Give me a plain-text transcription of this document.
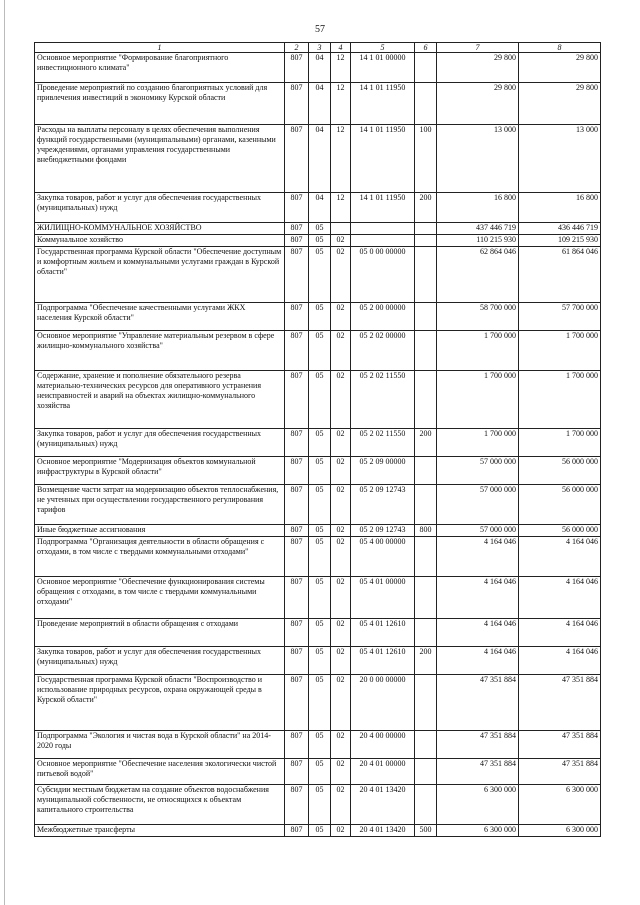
57
1	2	3	4	5	6	7	8
Основное мероприятие "Формирование благоприятного инвестиционного климата"	807	04	12	14 1 01 00000		29 800	29 800
Проведение мероприятий по созданию благоприятных условий для привлечения инвестиций в экономику Курской области	807	04	12	14 1 01 11950		29 800	29 800
Расходы на выплаты персоналу в целях обеспечения выполнения функций государственными (муниципальными) органами, казенными учреждениями, органами управления государственными внебюджетными фондами	807	04	12	14 1 01 11950	100	13 000	13 000
Закупка товаров, работ и услуг для обеспечения государственных (муниципальных) нужд	807	04	12	14 1 01 11950	200	16 800	16 800
ЖИЛИЩНО-КОММУНАЛЬНОЕ ХОЗЯЙСТВО	807	05				437 446 719	436 446 719
Коммунальное хозяйство	807	05	02			110 215 930	109 215 930
Государственная программа Курской области "Обеспечение доступным и комфортным жильем и коммунальными услугами граждан в Курской области"	807	05	02	05 0 00 00000		62 864 046	61 864 046
Подпрограмма "Обеспечение качественными услугами ЖКХ населения Курской области"	807	05	02	05 2 00 00000		58 700 000	57 700 000
Основное мероприятие "Управление материальным резервом в сфере жилищно-коммунального хозяйства"	807	05	02	05 2 02 00000		1 700 000	1 700 000
Содержание, хранение и пополнение обязательного резерва материально-технических ресурсов для оперативного устранения неисправностей и аварий на объектах жилищно-коммунального хозяйства	807	05	02	05 2 02 11550		1 700 000	1 700 000
Закупка товаров, работ и услуг для обеспечения государственных (муниципальных) нужд	807	05	02	05 2 02 11550	200	1 700 000	1 700 000
Основное мероприятие "Модернизация объектов коммунальной инфраструктуры в Курской области"	807	05	02	05 2 09 00000		57 000 000	56 000 000
Возмещение части затрат на модернизацию объектов теплоснабжения, не учтенных при осуществлении государственного регулирования тарифов	807	05	02	05 2 09 12743		57 000 000	56 000 000
Иные бюджетные ассигнования	807	05	02	05 2 09 12743	800	57 000 000	56 000 000
Подпрограмма "Организация деятельности в области обращения с отходами, в том числе с твердыми коммунальными отходами"	807	05	02	05 4 00 00000		4 164 046	4 164 046
Основное мероприятие "Обеспечение функционирования системы обращения с отходами, в том числе с твердыми коммунальными отходами"	807	05	02	05 4 01 00000		4 164 046	4 164 046
Проведение мероприятий в области обращения с отходами	807	05	02	05 4 01 12610		4 164 046	4 164 046
Закупка товаров, работ и услуг для обеспечения государственных (муниципальных) нужд	807	05	02	05 4 01 12610	200	4 164 046	4 164 046
Государственная программа Курской области "Воспроизводство и использование природных ресурсов, охрана окружающей среды в Курской области"	807	05	02	20 0 00 00000		47 351 884	47 351 884
Подпрограмма "Экология и чистая вода в Курской области" на 2014-2020 годы	807	05	02	20 4 00 00000		47 351 884	47 351 884
Основное мероприятие "Обеспечение населения экологически чистой питьевой водой"	807	05	02	20 4 01 00000		47 351 884	47 351 884
Субсидии местным бюджетам на создание объектов водоснабжения муниципальной собственности, не относящихся к объектам капитального строительства	807	05	02	20 4 01 13420		6 300 000	6 300 000
Межбюджетные трансферты	807	05	02	20 4 01 13420	500	6 300 000	6 300 000
